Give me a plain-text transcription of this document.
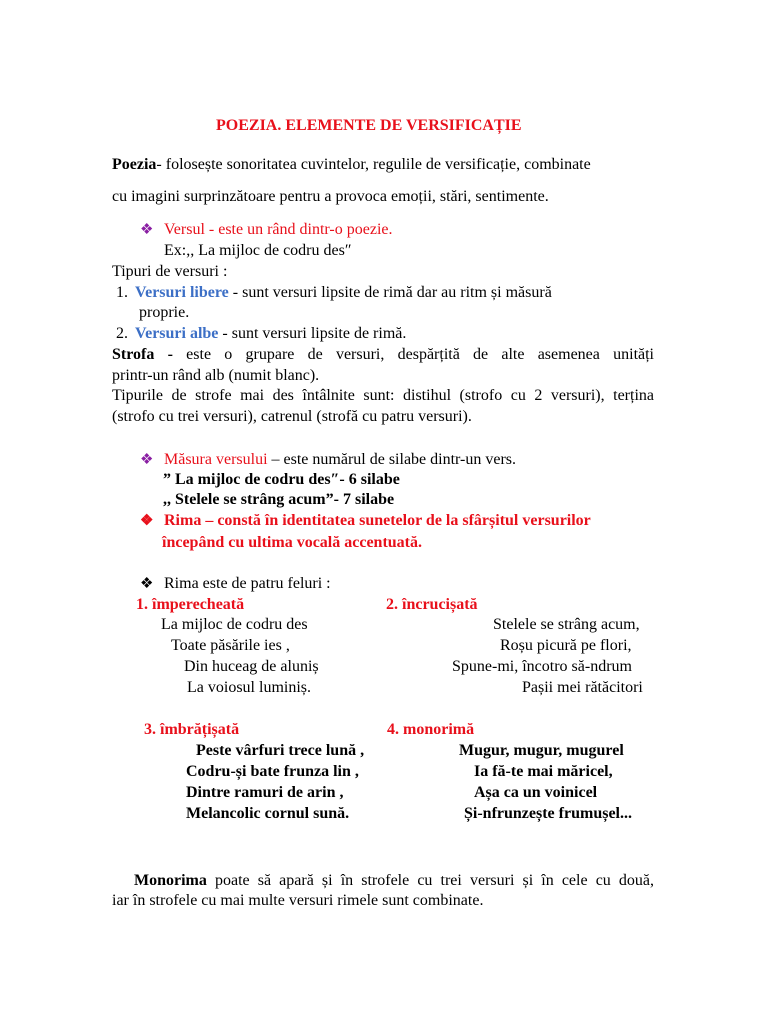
POEZIA. ELEMENTE DE VERSIFICAȚIE
Poezia- folosește sonoritatea cuvintelor, regulile de versificație, combinate
cu imagini surprinzătoare pentru a provoca emoții, stări, sentimente.
❖ Versul - este un rând dintr-o poezie.
Ex:,, La mijloc de codru des″
Tipuri de versuri :
1. Versuri libere - sunt versuri lipsite de rimă dar au ritm și măsură
proprie.
2. Versuri albe - sunt versuri lipsite de rimă.
Strofa - este o grupare de versuri, despărțită de alte asemenea unități
printr-un rând alb (numit blanc).
Tipurile de strofe mai des întâlnite sunt: distihul (strofo cu 2 versuri), terțina
(strofo cu trei versuri), catrenul (strofă cu patru versuri).
❖ Măsura versului – este numărul de silabe dintr-un vers.
” La mijloc de codru des″- 6 silabe
,, Stelele se strâng acum”- 7 silabe
❖ Rima – constă în identitatea sunetelor de la sfârșitul versurilor
începând cu ultima vocală accentuată.
❖ Rima este de patru feluri :
1. împerecheată	2. încrucișată
La mijloc de codru des
Toate păsările ies ,
Din huceag de aluniș
La voiosul luminiș.
Stelele se strâng acum,
Roșu picură pe flori,
Spune-mi, încotro să-ndrum
Pașii mei rătăcitori
3. îmbrățișată	4. monorimă
Peste vârfuri trece lună ,
Codru-și bate frunza lin ,
Dintre ramuri de arin ,
Melancolic cornul sună.
Mugur, mugur, mugurel
Ia fă-te mai măricel,
Așa ca un voinicel
Și-nfrunzește frumușel...
Monorima poate să apară și în strofele cu trei versuri și în cele cu două,
iar în strofele cu mai multe versuri rimele sunt combinate.
